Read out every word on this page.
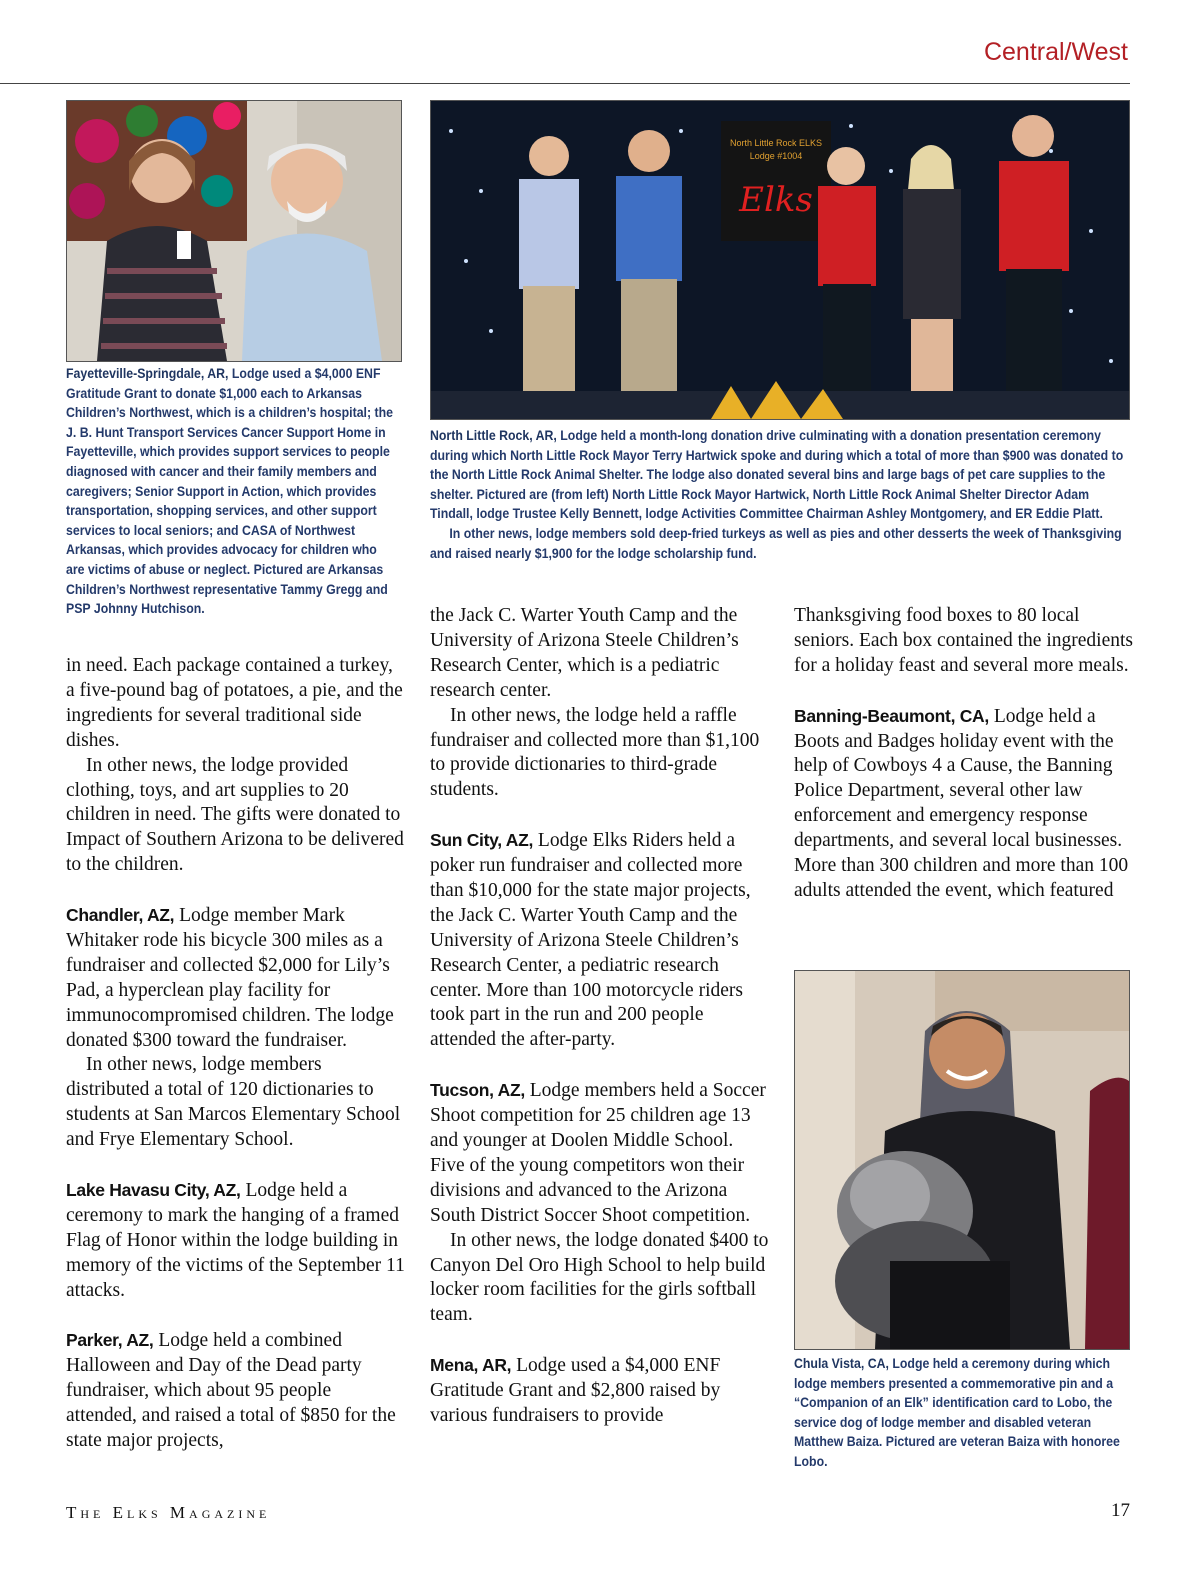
Central/West
North Little Rock ELKS
Lodge #1004
Elks
Fayetteville-Springdale, AR, Lodge used a $4,000 ENF Gratitude Grant to donate $1,000 each to Arkansas Children’s Northwest, which is a children’s hospital; the J. B. Hunt Transport Services Cancer Support Home in Fayetteville, which provides support services to people diagnosed with cancer and their family members and caregivers; Senior Support in Action, which provides transportation, shopping services, and other support services to local seniors; and CASA of Northwest Arkansas, which provides advocacy for children who are victims of abuse or neglect. Pictured are Arkansas Children’s Northwest representative Tammy Gregg and PSP Johnny Hutchison.
North Little Rock, AR, Lodge held a month-long donation drive culminating with a donation presentation ceremony during which North Little Rock Mayor Terry Hartwick spoke and during which a total of more than $900 was donated to the North Little Rock Animal Shelter. The lodge also donated several bins and large bags of pet care supplies to the shelter. Pictured are (from left) North Little Rock Mayor Hartwick, North Little Rock Animal Shelter Director Adam Tindall, lodge Trustee Kelly Bennett, lodge Activities Committee Chairman Ashley Montgomery, and ER Eddie Platt.
In other news, lodge members sold deep-fried turkeys as well as pies and other desserts the week of Thanksgiving and raised nearly $1,900 for the lodge scholarship fund.

in need. Each package contained a turkey, a five-pound bag of potatoes, a pie, and the ingredients for several traditional side dishes.

In other news, the lodge provided clothing, toys, and art supplies to 20 children in need. The gifts were donated to Impact of Southern Arizona to be delivered to the children.

Chandler, AZ, Lodge member Mark Whitaker rode his bicycle 300 miles as a fundraiser and collected $2,000 for Lily’s Pad, a hyperclean play facility for immunocompromised children. The lodge donated $300 toward the fundraiser.

In other news, lodge members distributed a total of 120 dictionaries to students at San Marcos Elementary School and Frye Elementary School.

Lake Havasu City, AZ, Lodge held a ceremony to mark the hanging of a framed Flag of Honor within the lodge building in memory of the victims of the September 11 attacks.

Parker, AZ, Lodge held a combined Halloween and Day of the Dead party fundraiser, which about 95 people attended, and raised a total of $850 for the state major projects,

the Jack C. Warter Youth Camp and the University of Arizona Steele Children’s Research Center, which is a pediatric research center.

In other news, the lodge held a raffle fundraiser and collected more than $1,100 to provide dictionaries to third-grade students.

Sun City, AZ, Lodge Elks Riders held a poker run fundraiser and collected more than $10,000 for the state major projects, the Jack C. Warter Youth Camp and the University of Arizona Steele Children’s Research Center, a pediatric research center. More than 100 motorcycle riders took part in the run and 200 people attended the after-party.

Tucson, AZ, Lodge members held a Soccer Shoot competition for 25 children age 13 and younger at Doolen Middle School. Five of the young competitors won their divisions and advanced to the Arizona South District Soccer Shoot competition.

In other news, the lodge donated $400 to Canyon Del Oro High School to help build locker room facilities for the girls softball team.

Mena, AR, Lodge used a $4,000 ENF Gratitude Grant and $2,800 raised by various fundraisers to provide

Thanksgiving food boxes to 80 local seniors. Each box contained the ingredients for a holiday feast and several more meals.

Banning-Beaumont, CA, Lodge held a Boots and Badges holiday event with the help of Cowboys 4 a Cause, the Banning Police Department, several other law enforcement and emergency response departments, and several local businesses. More than 300 children and more than 100 adults attended the event, which featured

Chula Vista, CA, Lodge held a ceremony during which lodge members presented a commemorative pin and a “Companion of an Elk” identification card to Lobo, the service dog of lodge member and disabled veteran Matthew Baiza. Pictured are veteran Baiza with honoree Lobo.
The Elks Magazine	17
